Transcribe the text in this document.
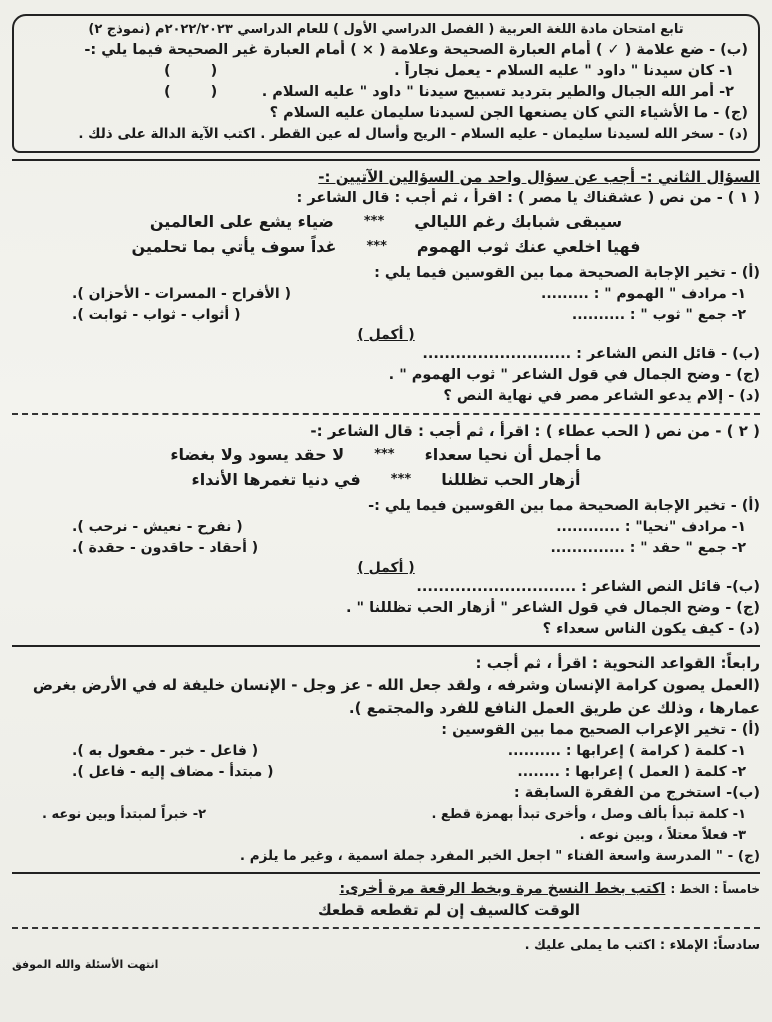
تابع امتحان مادة اللغة العربية ( الفصل الدراسي الأول ) للعام الدراسي ٢٠٢٢/٢٠٢٣م (نموذج ٢)
(ب) - ضع علامة ( ✓ ) أمام العبارة الصحيحة وعلامة ( × ) أمام العبارة غير الصحيحة فيما يلي :-
١- كان سيدنا " داود " عليه السلام - يعمل نجاراً .
()
٢- أمر الله الجبال والطير بترديد تسبيح سيدنا " داود " عليه السلام .
()
(ج) - ما الأشياء التي كان يصنعها الجن لسيدنا سليمان عليه السلام ؟
(د) - سخر الله لسيدنا سليمان - عليه السلام - الريح وأسال له عين القطر . اكتب الآية الدالة على ذلك .
السؤال الثاني :- أجب عن سؤال واحد من السؤالين الآتيين :-
( ١ ) - من نص ( عشقناك يا مصر ) : اقرأ ، ثم أجب : قال الشاعر :
سيبقى شبابك رغم الليالي
***
ضياء يشع على العالمين
فهيا اخلعي عنك ثوب الهموم
***
غداً سوف يأتي بما تحلمين
(أ) - تخير الإجابة الصحيحة مما بين القوسين فيما يلي :
١- مرادف " الهموم " : .........
( الأفراح - المسرات - الأحزان ).
٢- جمع " ثوب " : ..........
( أثواب - ثواب - ثوابت ).
( أكمل )
(ب) - قائل النص الشاعر : ...........................
(ج) - وضح الجمال في قول الشاعر " ثوب الهموم " .
(د) - إلام يدعو الشاعر مصر في نهاية النص ؟
( ٢ ) - من نص ( الحب عطاء ) : اقرأ ، ثم أجب : قال الشاعر :-
ما أجمل أن نحيا سعداء
***
لا حقد يسود ولا بغضاء
أزهار الحب تظللنا
***
في دنيا تغمرها الأنداء
(أ) - تخير الإجابة الصحيحة مما بين القوسين فيما يلي :-
١- مرادف "نحيا" : ............
( نفرح - نعيش - نرحب ).
٢- جمع " حقد " : ..............
( أحقاد - حاقدون - حقدة ).
( أكمل )
(ب)- قائل النص الشاعر : .............................
(ج) - وضح الجمال في قول الشاعر " أزهار الحب تظللنا " .
(د) - كيف يكون الناس سعداء ؟
رابعاً: القواعد النحوية : اقرأ ، ثم أجب :
(العمل يصون كرامة الإنسان وشرفه ، ولقد جعل الله - عز وجل - الإنسان خليفة له في الأرض بغرض
عمارها ، وذلك عن طريق العمل النافع للفرد والمجتمع ).
(أ) - تخير الإعراب الصحيح مما بين القوسين :
١- كلمة ( كرامة ) إعرابها : ..........
( فاعل - خبر - مفعول به ).
٢- كلمة ( العمل ) إعرابها : ........
( مبتدأ - مضاف إليه - فاعل ).
(ب)- استخرج من الفقرة السابقة :
١- كلمة تبدأ بألف وصل ، وأخرى تبدأ بهمزة قطع .
٢- خبراً لمبتدأ وبين نوعه .
٣- فعلاً معتلاً ، وبين نوعه .
(ج) - " المدرسة واسعة الفناء " اجعل الخبر المفرد جملة اسمية ، وغير ما يلزم .
خامساً : الخط : اكتب بخط النسخ مرة وبخط الرقعة مرة أخرى:
الوقت كالسيف إن لم تقطعه قطعك
سادساً: الإملاء : اكتب ما يملى عليك .
انتهت الأسئلة والله الموفق
